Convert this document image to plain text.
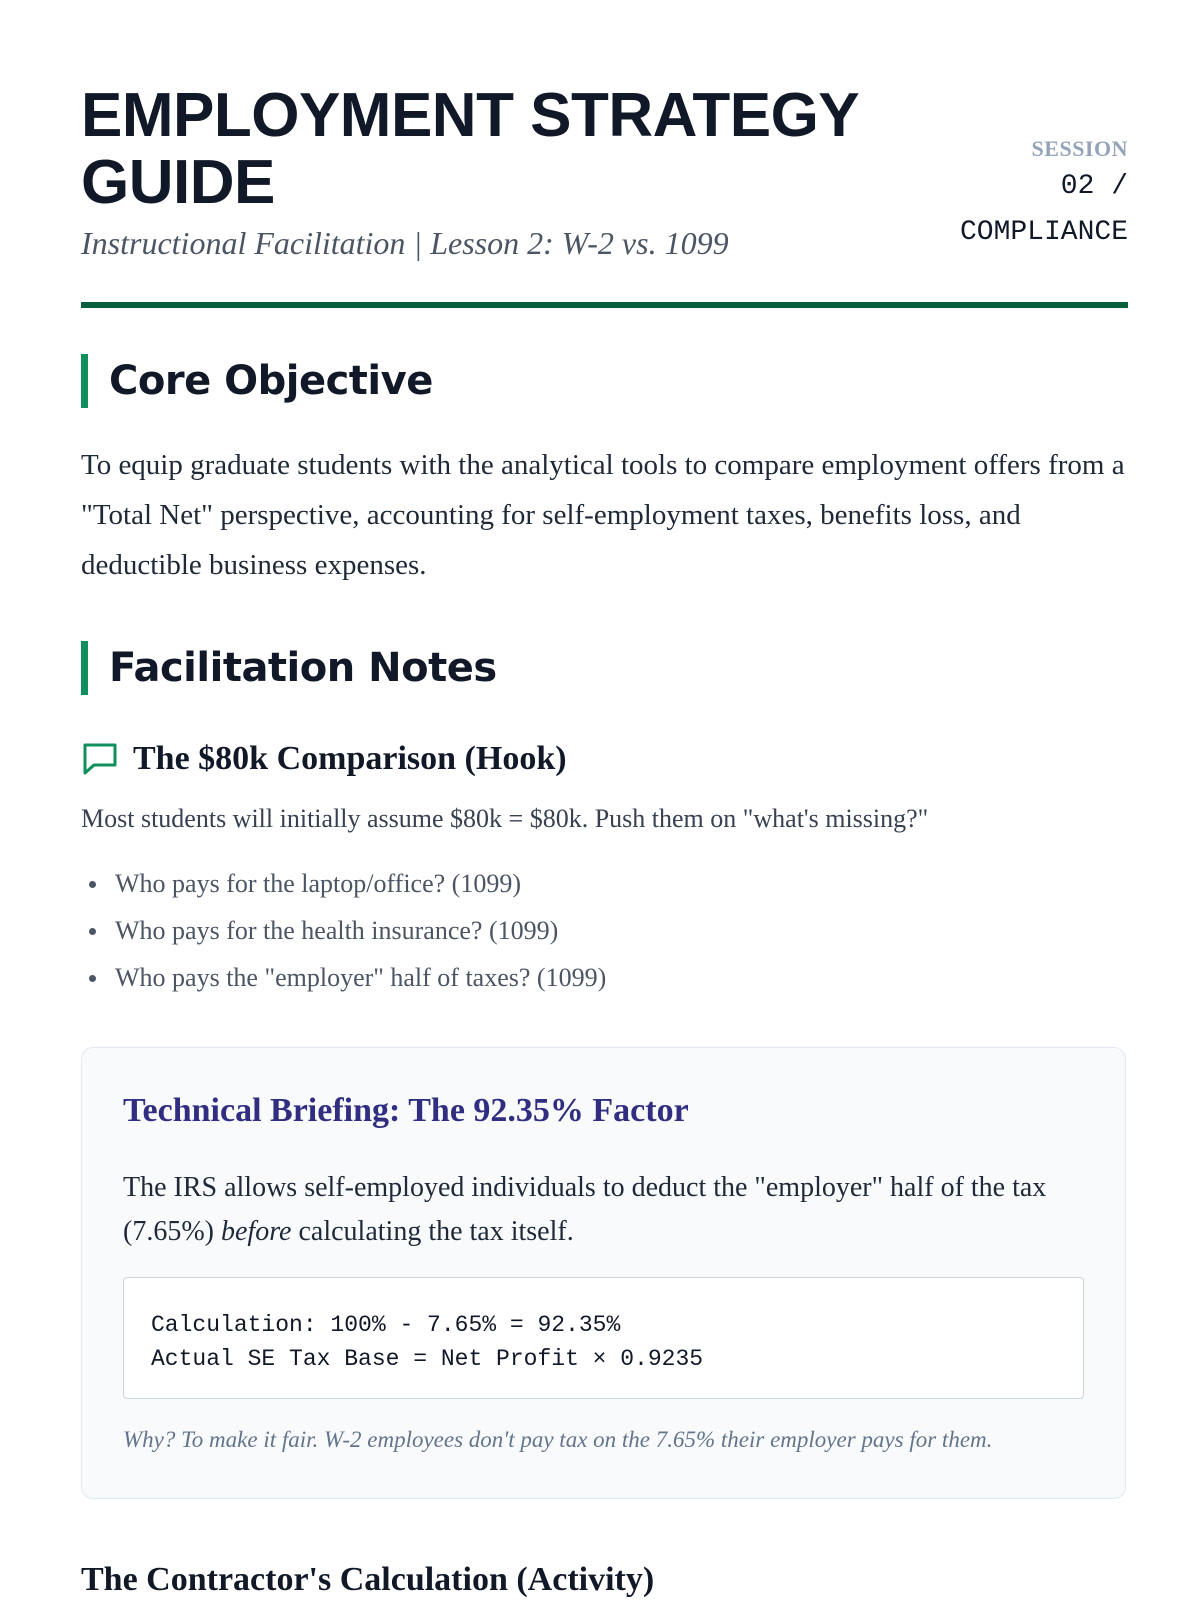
EMPLOYMENT STRATEGY GUIDE
Instructional Facilitation | Lesson 2: W-2 vs. 1099
SESSION
02 /
COMPLIANCE
Core Objective

To equip graduate students with the analytical tools to compare employment offers from a "Total Net" perspective, accounting for self-employment taxes, benefits loss, and deductible business expenses.

Facilitation Notes
The $80k Comparison (Hook)

Most students will initially assume $80k = $80k. Push them on "what's missing?"

Who pays for the laptop/office? (1099)
Who pays for the health insurance? (1099)
Who pays the "employer" half of taxes? (1099)
Technical Briefing: The 92.35% Factor

The IRS allows self-employed individuals to deduct the "employer" half of the tax (7.65%) before calculating the tax itself.

Calculation: 100% - 7.65% = 92.35%
Actual SE Tax Base = Net Profit × 0.9235

Why? To make it fair. W-2 employees don't pay tax on the 7.65% their employer pays for them.

The Contractor's Calculation (Activity)
